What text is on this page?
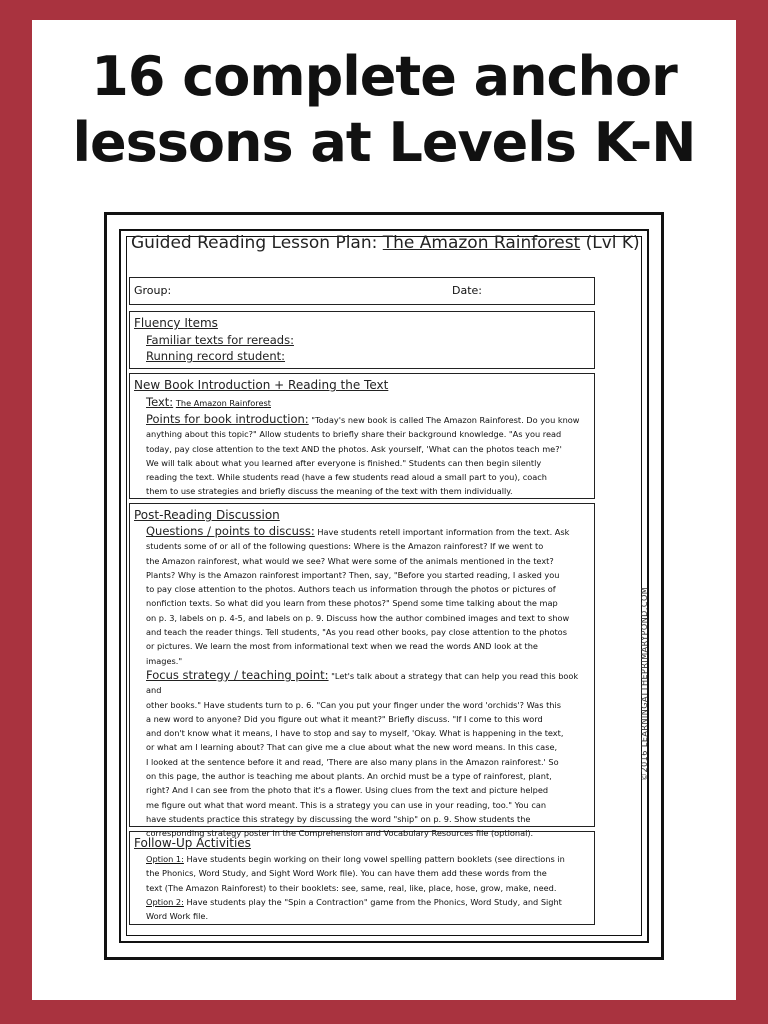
16 complete anchor
lessons at Levels K-N
Guided Reading Lesson Plan: The Amazon Rainforest (Lvl K)
Group:	Date:
Fluency Items
Familiar texts for rereads:
Running record student:
New Book Introduction + Reading the Text
Text: The Amazon Rainforest
Points for book introduction: "Today's new book is called The Amazon Rainforest. Do you know
anything about this topic?" Allow students to briefly share their background knowledge. "As you read
today, pay close attention to the text AND the photos. Ask yourself, 'What can the photos teach me?'
We will talk about what you learned after everyone is finished." Students can then begin silently
reading the text. While students read (have a few students read aloud a small part to you), coach
them to use strategies and briefly discuss the meaning of the text with them individually.
Post-Reading Discussion
Questions / points to discuss: Have students retell important information from the text. Ask
students some of or all of the following questions: Where is the Amazon rainforest? If we went to
the Amazon rainforest, what would we see? What were some of the animals mentioned in the text?
Plants? Why is the Amazon rainforest important? Then, say, "Before you started reading, I asked you
to pay close attention to the photos. Authors teach us information through the photos or pictures of
nonfiction texts. So what did you learn from these photos?" Spend some time talking about the map
on p. 3, labels on p. 4-5, and labels on p. 9. Discuss how the author combined images and text to show
and teach the reader things. Tell students, "As you read other books, pay close attention to the photos
or pictures. We learn the most from informational text when we read the words AND look at the
images."
Focus strategy / teaching point: "Let's talk about a strategy that can help you read this book and
other books." Have students turn to p. 6. "Can you put your finger under the word 'orchids'? Was this
a new word to anyone? Did you figure out what it meant?" Briefly discuss. "If I come to this word
and don't know what it means, I have to stop and say to myself, 'Okay. What is happening in the text,
or what am I learning about? That can give me a clue about what the new word means. In this case,
I looked at the sentence before it and read, 'There are also many plans in the Amazon rainforest.' So
on this page, the author is teaching me about plants. An orchid must be a type of rainforest, plant,
right? And I can see from the photo that it's a flower. Using clues from the text and picture helped
me figure out what that word meant. This is a strategy you can use in your reading, too." You can
have students practice this strategy by discussing the word "ship" on p. 9. Show students the
corresponding strategy poster in the Comprehension and Vocabulary Resources file (optional).
Follow-Up Activities
Option 1: Have students begin working on their long vowel spelling pattern booklets (see directions in
the Phonics, Word Study, and Sight Word Work file). You can have them add these words from the
text (The Amazon Rainforest) to their booklets: see, same, real, like, place, hose, grow, make, need.
Option 2: Have students play the "Spin a Contraction" game from the Phonics, Word Study, and Sight
Word Work file.
©2016 LEARNINGATTHEPRIMARYPOND.COM
